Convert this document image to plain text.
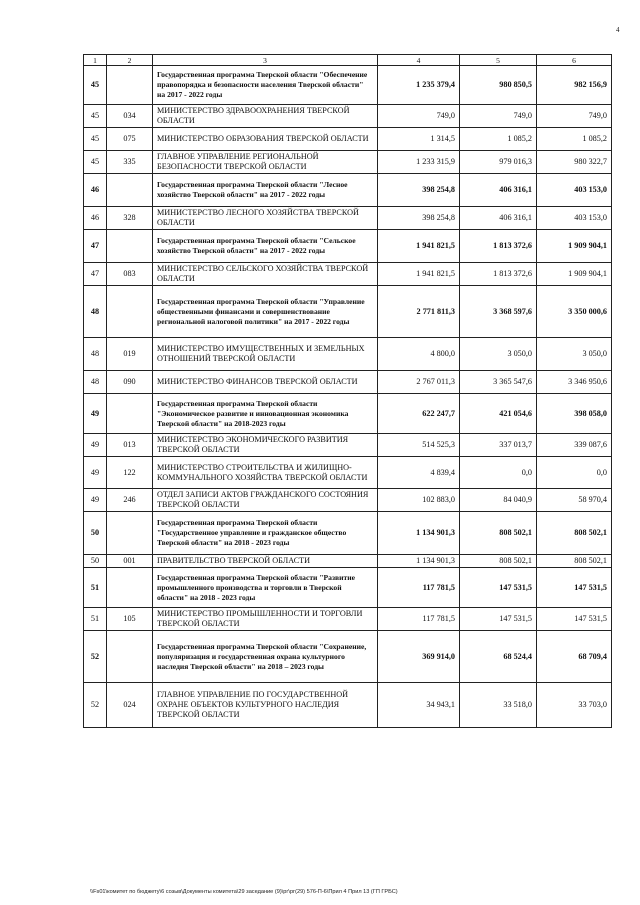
4
1	2	3	4	5	6
45		Государственная программа Тверской области "Обеспечение правопорядка и безопасности населения Тверской области" на 2017 - 2022 годы	1 235 379,4	980 850,5	982 156,9
45	034	МИНИСТЕРСТВО ЗДРАВООХРАНЕНИЯ ТВЕРСКОЙ ОБЛАСТИ	749,0	749,0	749,0
45	075	МИНИСТЕРСТВО ОБРАЗОВАНИЯ ТВЕРСКОЙ ОБЛАСТИ	1 314,5	1 085,2	1 085,2
45	335	ГЛАВНОЕ УПРАВЛЕНИЕ РЕГИОНАЛЬНОЙ БЕЗОПАСНОСТИ ТВЕРСКОЙ ОБЛАСТИ	1 233 315,9	979 016,3	980 322,7
46		Государственная программа Тверской области "Лесное хозяйство Тверской области" на 2017 - 2022 годы	398 254,8	406 316,1	403 153,0
46	328	МИНИСТЕРСТВО ЛЕСНОГО ХОЗЯЙСТВА ТВЕРСКОЙ ОБЛАСТИ	398 254,8	406 316,1	403 153,0
47		Государственная программа Тверской области "Сельское хозяйство Тверской области" на 2017 - 2022 годы	1 941 821,5	1 813 372,6	1 909 904,1
47	083	МИНИСТЕРСТВО СЕЛЬСКОГО ХОЗЯЙСТВА ТВЕРСКОЙ ОБЛАСТИ	1 941 821,5	1 813 372,6	1 909 904,1
48		Государственная программа Тверской области "Управление общественными финансами и совершенствование региональной налоговой политики" на 2017 - 2022 годы	2 771 811,3	3 368 597,6	3 350 000,6
48	019	МИНИСТЕРСТВО ИМУЩЕСТВЕННЫХ И ЗЕМЕЛЬНЫХ ОТНОШЕНИЙ ТВЕРСКОЙ ОБЛАСТИ	4 800,0	3 050,0	3 050,0
48	090	МИНИСТЕРСТВО ФИНАНСОВ ТВЕРСКОЙ ОБЛАСТИ	2 767 011,3	3 365 547,6	3 346 950,6
49		Государственная программа Тверской области "Экономическое развитие и инновационная экономика Тверской области" на 2018-2023 годы	622 247,7	421 054,6	398 058,0
49	013	МИНИСТЕРСТВО ЭКОНОМИЧЕСКОГО РАЗВИТИЯ ТВЕРСКОЙ ОБЛАСТИ	514 525,3	337 013,7	339 087,6
49	122	МИНИСТЕРСТВО СТРОИТЕЛЬСТВА И ЖИЛИЩНО-КОММУНАЛЬНОГО ХОЗЯЙСТВА ТВЕРСКОЙ ОБЛАСТИ	4 839,4	0,0	0,0
49	246	ОТДЕЛ ЗАПИСИ АКТОВ ГРАЖДАНСКОГО СОСТОЯНИЯ ТВЕРСКОЙ ОБЛАСТИ	102 883,0	84 040,9	58 970,4
50		Государственная программа Тверской области "Государственное управление и гражданское общество Тверской области" на 2018 - 2023 годы	1 134 901,3	808 502,1	808 502,1
50	001	ПРАВИТЕЛЬСТВО ТВЕРСКОЙ ОБЛАСТИ	1 134 901,3	808 502,1	808 502,1
51		Государственная программа Тверской области "Развитие промышленного производства и торговли в Тверской области" на 2018 - 2023 годы	117 781,5	147 531,5	147 531,5
51	105	МИНИСТЕРСТВО ПРОМЫШЛЕННОСТИ И ТОРГОВЛИ ТВЕРСКОЙ ОБЛАСТИ	117 781,5	147 531,5	147 531,5
52		Государственная программа Тверской области "Сохранение, популяризация и государственная охрана культурного наследия Тверской области" на 2018 – 2023 годы	369 914,0	68 524,4	68 709,4
52	024	ГЛАВНОЕ УПРАВЛЕНИЕ ПО ГОСУДАРСТВЕННОЙ ОХРАНЕ ОБЪЕКТОВ КУЛЬТУРНОГО НАСЛЕДИЯ ТВЕРСКОЙ ОБЛАСТИ	34 943,1	33 518,0	33 703,0
\\Fs01\комитет по бюджету\6 созыв\Документы комитета\29 заседание (9)\рг\рг(29) 576-П-6\Прил 4 Прил 13 (ГП ГРБС)
